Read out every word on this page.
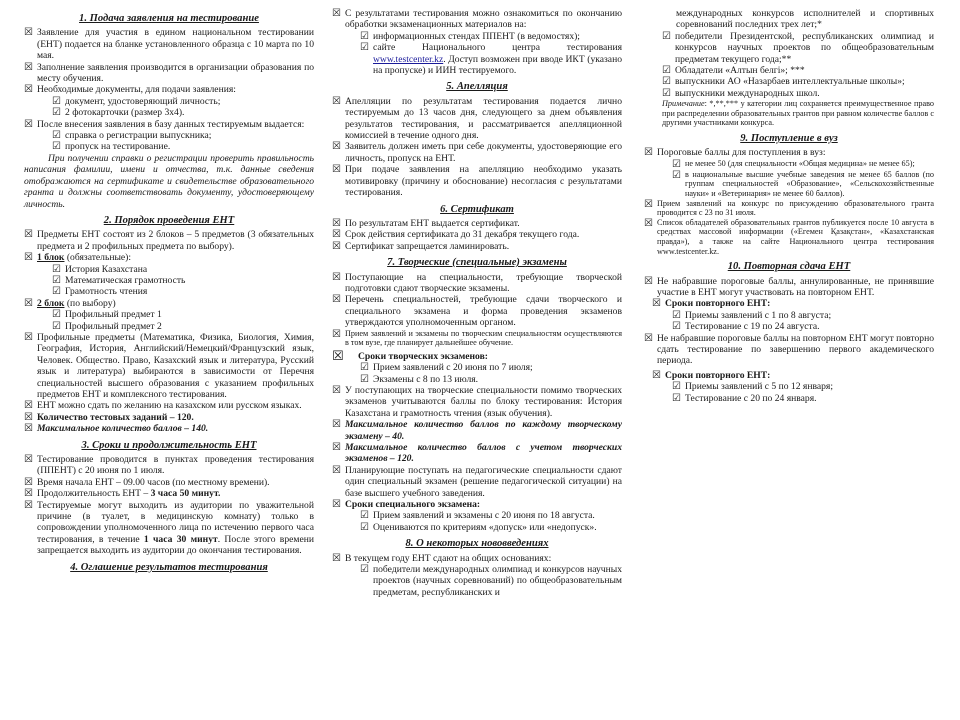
1. Подача заявления на тестирование
☒ Заявление для участия в едином национальном тестировании (ЕНТ) подается на бланке установленного образца с 10 марта по 10 мая.
☒ Заполнение заявления производится в организации образования по месту обучения.
☒ Необходимые документы, для подачи заявления:
☑ документ, удостоверяющий личность;
☑ 2 фотокарточки (размер 3х4).
☒ После внесения заявления в базу данных тестируемым выдается:
☑ справка о регистрации выпускника;
☑ пропуск на тестирование.

При получении справки о регистрации проверить правильность написания фамилии, имени и отчества, т.к. данные сведения отображаются на сертификате и свидетельстве образовательного гранта и должны соответствовать документу, удостоверяющему личность.

2. Порядок проведения ЕНТ
☒ Предметы ЕНТ состоят из 2 блоков – 5 предметов (3 обязательных предмета и 2 профильных предмета по выбору).
☒ 1 блок (обязательные):
☑ История Казахстана
☑ Математическая грамотность
☑ Грамотность чтения
☒ 2 блок (по выбору)
☑ Профильный предмет 1
☑ Профильный предмет 2
☒ Профильные предметы (Математика, Физика, Биология, Химия, География, История, Английский/Немецкий/Французский язык, Человек. Общество. Право, Казахский язык и литература, Русский язык и литература) выбираются в зависимости от Перечня специальностей высшего образования с указанием профильных предметов ЕНТ и комплексного тестирования.
☒ ЕНТ можно сдать по желанию на казахском или русском языках.
☒ Количество тестовых заданий – 120.
☒ Максимальное количество баллов – 140.
3. Сроки и продолжительность ЕНТ
☒ Тестирование проводится в пунктах проведения тестирования (ППЕНТ) с 20 июня по 1 июля.
☒ Время начала ЕНТ – 09.00 часов (по местному времени).
☒ Продолжительность ЕНТ – 3 часа 50 минут.
☒ Тестируемые могут выходить из аудитории по уважительной причине (в туалет, в медицинскую комнату) только в сопровождении уполномоченного лица по истечению первого часа тестирования, в течение 1 часа 30 минут. После этого времени запрещается выходить из аудитории до окончания тестирования.
4. Оглашение результатов тестирования
☒ С результатами тестирования можно ознакомиться по окончанию обработки экзаменационных материалов на:
☑ информационных стендах ППЕНТ (в ведомостях);
☑ сайте Национального центра тестирования www.testcenter.kz. Доступ возможен при вводе ИКТ (указано на пропуске) и ИИН тестируемого.
5. Апелляция
☒ Апелляции по результатам тестирования подается лично тестируемым до 13 часов дня, следующего за днем объявления результатов тестирования, и рассматривается апелляционной комиссией в течение одного дня.
☒ Заявитель должен иметь при себе документы, удостоверяющие его личность, пропуск на ЕНТ.
☒ При подаче заявления на апелляцию необходимо указать мотивировку (причину и обоснование) несогласия с результатами тестирования.
6. Сертификат
☒ По результатам ЕНТ выдается сертификат.
☒ Срок действия сертификата до 31 декабря текущего года.
☒ Сертификат запрещается ламинировать.
7. Творческие (специальные) экзамены
☒ Поступающие на специальности, требующие творческой подготовки сдают творческие экзамены.
☒ Перечень специальностей, требующие сдачи творческого и специального экзамена и форма проведения экзаменов утверждаются уполномоченным органом.
☒ Прием заявлений и экзамены по творческим специальностям осуществляются в том вузе, где планирует дальнейшее обучение.
☒	Сроки творческих экзаменов:
☑ Прием заявлений с 20 июня по 7 июля;
☑ Экзамены с 8 по 13 июля.
☒ У поступающих на творческие специальности помимо творческих экзаменов учитываются баллы по блоку тестирования: История Казахстана и грамотность чтения (язык обучения).
☒ Максимальное количество баллов по каждому творческому экзамену – 40.
☒ Максимальное количество баллов с учетом творческих экзаменов – 120.
☒ Планирующие поступать на педагогические специальности сдают один специальный экзамен (решение педагогической ситуации) на базе высшего учебного заведения.
☒ Сроки специального экзамена:
☑ Прием заявлений и экзамены с 20 июня по 18 августа.
☑ Оцениваются по критериям «допуск» или «недопуск».
8. О некоторых нововведениях
☒ В текущем году ЕНТ сдают на общих основаниях:
☑ победители международных олимпиад и конкурсов научных проектов (научных соревнований) по общеобразовательным предметам, республиканских и

международных конкурсов исполнителей и спортивных соревнований последних трех лет;*

☑ победители Президентской, республиканских олимпиад и конкурсов научных проектов по общеобразовательным предметам текущего года;**
☑ Обладатели «Алтын белгі»; ***
☑ выпускники АО «Назарбаев интеллектуальные школы»;
☑ выпускники международных школ.

Примечание: *,**,*** у категории лиц сохраняется преимущественное право при распределении образовательных грантов при равном количестве баллов с другими участниками конкурса.

9. Поступление в вуз
☒ Пороговые баллы для поступления в вуз:
☑ не менее 50 (для специальности «Общая медицина» не менее 65);
☑ в национальные высшие учебные заведения не менее 65 баллов (по группам специальностей «Образование», «Сельскохозяйственные науки» и «Ветеринария» не менее 60 баллов).
☒ Прием заявлений на конкурс по присуждению образовательного гранта проводится с 23 по 31 июля.
☒ Список обладателей образовательных грантов публикуется после 10 августа в средствах массовой информации («Егемен Қазақстан», «Казахстанская правда»), а также на сайте Национального центра тестирования www.testcenter.kz.
10. Повторная сдача ЕНТ
☒ Не набравшие пороговые баллы, аннулированные, не принявшие участие в ЕНТ могут участвовать на повторном ЕНТ.
☒ Сроки повторного ЕНТ:
☑ Приемы заявлений с 1 по 8 августа;
☑ Тестирование с 19 по 24 августа.
☒ Не набравшие пороговые баллы на повторном ЕНТ могут повторно сдать тестирование по завершению первого академического периода.
☒ Сроки повторного ЕНТ:
☑ Приемы заявлений с 5 по 12 января;
☑ Тестирование с 20 по 24 января.
